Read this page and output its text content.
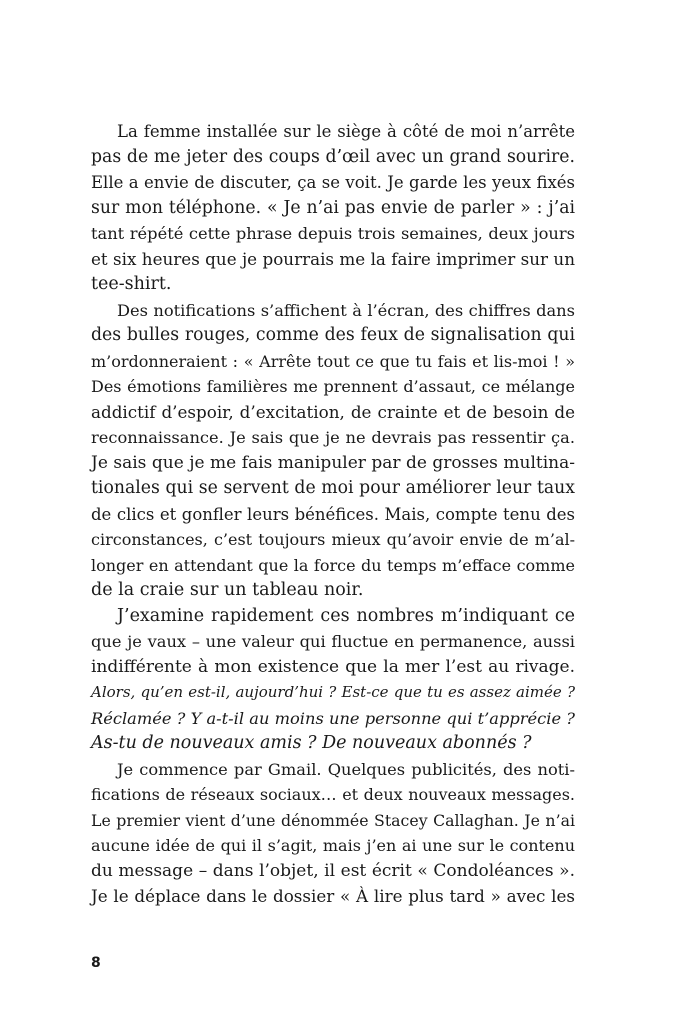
La femme installée sur le siège à côté de moi n’arrête
pas de me jeter des coups d’œil avec un grand sourire.
Elle a envie de discuter, ça se voit. Je garde les yeux fixés
sur mon téléphone. « Je n’ai pas envie de parler » : j’ai
tant répété cette phrase depuis trois semaines, deux jours
et six heures que je pourrais me la faire imprimer sur un
tee-shirt.
Des notifications s’affichent à l’écran, des chiffres dans
des bulles rouges, comme des feux de signalisation qui
m’ordonneraient : « Arrête tout ce que tu fais et lis-moi ! »
Des émotions familières me prennent d’assaut, ce mélange
addictif d’espoir, d’excitation, de crainte et de besoin de
reconnaissance. Je sais que je ne devrais pas ressentir ça.
Je sais que je me fais manipuler par de grosses multina-
tionales qui se servent de moi pour améliorer leur taux
de clics et gonfler leurs bénéfices. Mais, compte tenu des
circonstances, c’est toujours mieux qu’avoir envie de m’al-
longer en attendant que la force du temps m’efface comme
de la craie sur un tableau noir.
J’examine rapidement ces nombres m’indiquant ce
que je vaux – une valeur qui fluctue en permanence, aussi
indifférente à mon existence que la mer l’est au rivage.
Alors, qu’en est-il, aujourd’hui ? Est-ce que tu es assez aimée ?
Réclamée ? Y a-t-il au moins une personne qui t’apprécie ?
As-tu de nouveaux amis ? De nouveaux abonnés ?
Je commence par Gmail. Quelques publicités, des noti-
fications de réseaux sociaux… et deux nouveaux messages.
Le premier vient d’une dénommée Stacey Callaghan. Je n’ai
aucune idée de qui il s’agit, mais j’en ai une sur le contenu
du message – dans l’objet, il est écrit « Condoléances ».
Je le déplace dans le dossier « À lire plus tard » avec les
8
